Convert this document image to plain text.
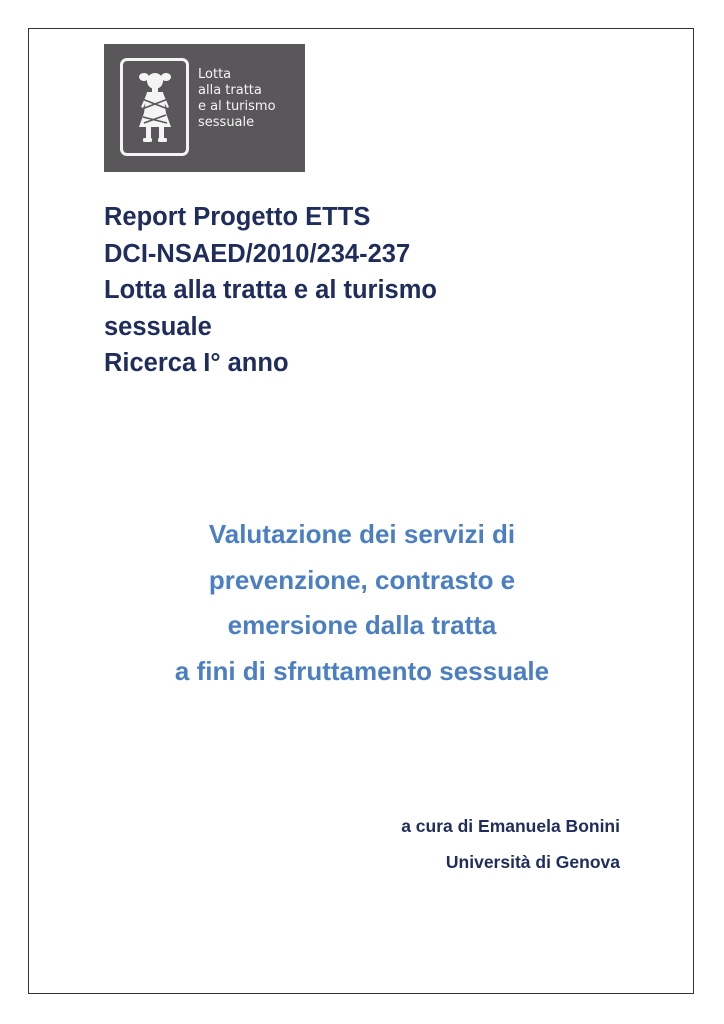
Lotta
alla tratta
e al turismo
sessuale
Report Progetto ETTS
DCI-NSAED/2010/234-237
Lotta alla tratta e al turismo
sessuale
Ricerca I° anno
Valutazione dei servizi di
prevenzione, contrasto e
emersione dalla tratta
a fini di sfruttamento sessuale
a cura di Emanuela Bonini
Università di Genova
